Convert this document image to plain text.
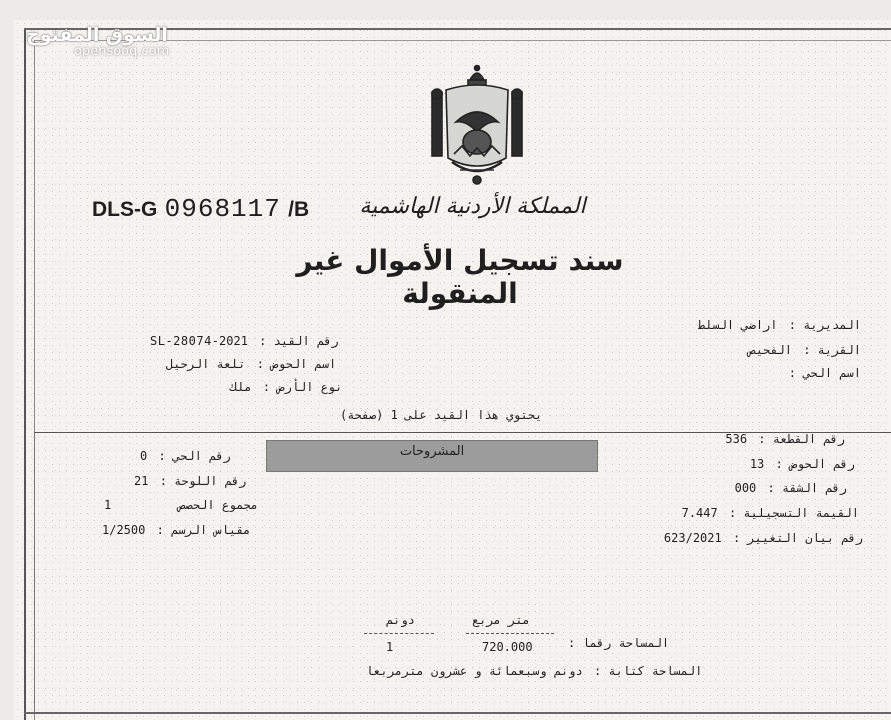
السوق المفتوح
opensooq.com
DLS-G 0968117 /B	المملكة الأردنية الهاشمية
سند تسجيل الأموال غير المنقولة
المديرية : اراضي السلط
القرية : الفحيص
اسم الحي :
رقم القيد : 2021-SL-28074
اسم الحوض : تلعة الرحيل
نوع الأرض : ملك
يحتوي هذا القيد على 1 (صفحة)
المشروحات
رقم القطعة : 536
رقم الحوض : 13
رقم الشقة : 000
القيمة التسجيلية : 7.447
رقم بيان التغيير : 623/2021
رقم الحي : 0
رقم اللوحة : 21
مجموع الحصص 1
مقياس الرسم : 1/2500
متر مربع
دونم
المساحة رقما :
720.000
1
المساحة كتابة : دونم وسبعمائة و عشرون مترمربعا
